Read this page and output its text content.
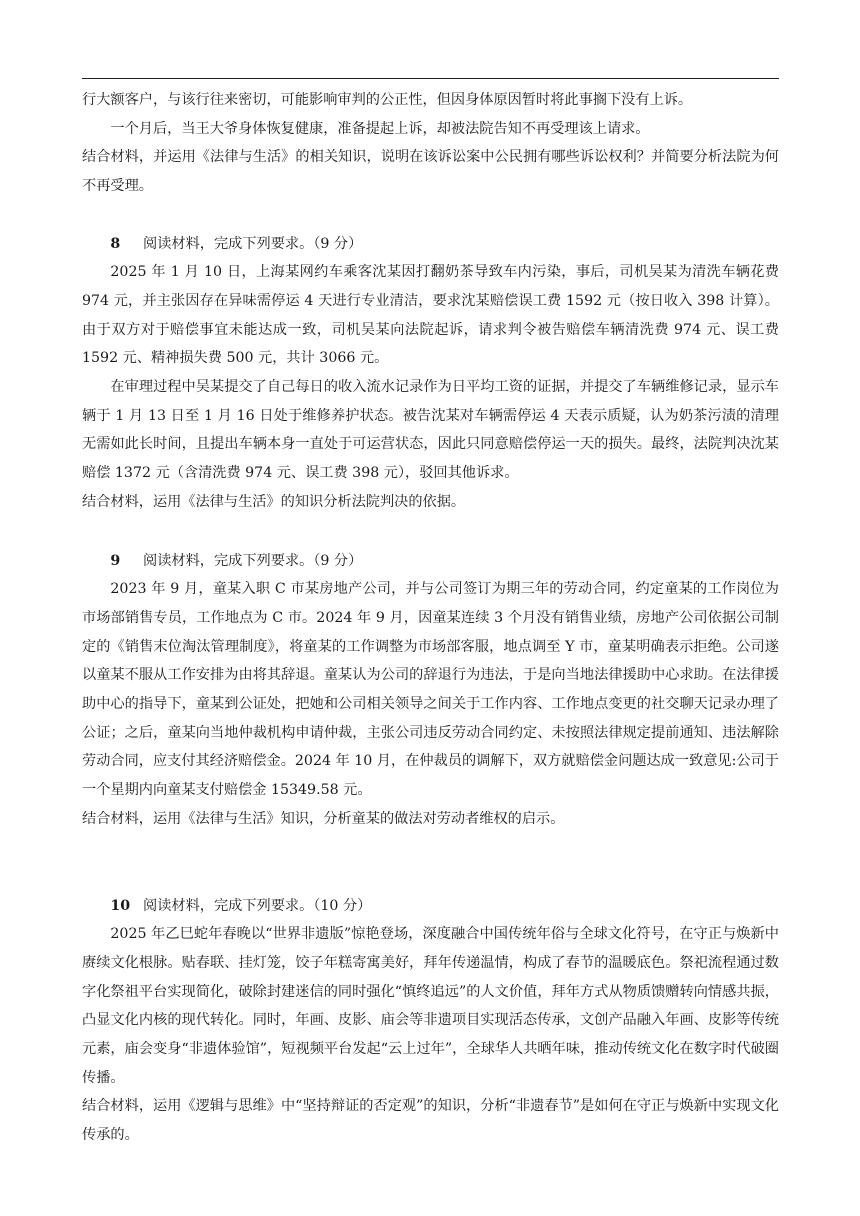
行大额客户，与该行往来密切，可能影响审判的公正性，但因身体原因暂时将此事搁下没有上诉。

一个月后，当王大爷身体恢复健康，准备提起上诉，却被法院告知不再受理该上请求。

结合材料，并运用《法律与生活》的相关知识，说明在该诉讼案中公民拥有哪些诉讼权利？并简要分析法院为何不再受理。

8 阅读材料，完成下列要求。（9 分）

2025 年 1 月 10 日，上海某网约车乘客沈某因打翻奶茶导致车内污染，事后，司机吴某为清洗车辆花费 974 元，并主张因存在异味需停运 4 天进行专业清洁，要求沈某赔偿误工费 1592 元（按日收入 398 计算）。由于双方对于赔偿事宜未能达成一致，司机吴某向法院起诉，请求判令被告赔偿车辆清洗费 974 元、误工费 1592 元、精神损失费 500 元，共计 3066 元。

在审理过程中吴某提交了自己每日的收入流水记录作为日平均工资的证据，并提交了车辆维修记录，显示车辆于 1 月 13 日至 1 月 16 日处于维修养护状态。被告沈某对车辆需停运 4 天表示质疑，认为奶茶污渍的清理无需如此长时间，且提出车辆本身一直处于可运营状态，因此只同意赔偿停运一天的损失。最终，法院判决沈某赔偿 1372 元（含清洗费 974 元、误工费 398 元），驳回其他诉求。

结合材料，运用《法律与生活》的知识分析法院判决的依据。

9 阅读材料，完成下列要求。（9 分）

2023 年 9 月，童某入职 C 市某房地产公司，并与公司签订为期三年的劳动合同，约定童某的工作岗位为市场部销售专员，工作地点为 C 市。2024 年 9 月，因童某连续 3 个月没有销售业绩，房地产公司依据公司制定的《销售末位淘汰管理制度》，将童某的工作调整为市场部客服，地点调至 Y 市，童某明确表示拒绝。公司遂以童某不服从工作安排为由将其辞退。童某认为公司的辞退行为违法，于是向当地法律援助中心求助。在法律援助中心的指导下，童某到公证处，把她和公司相关领导之间关于工作内容、工作地点变更的社交聊天记录办理了公证；之后，童某向当地仲裁机构申请仲裁，主张公司违反劳动合同约定、未按照法律规定提前通知、违法解除劳动合同，应支付其经济赔偿金。2024 年 10 月，在仲裁员的调解下，双方就赔偿金问题达成一致意见:公司于一个星期内向童某支付赔偿金 15349.58 元。

结合材料，运用《法律与生活》知识，分析童某的做法对劳动者维权的启示。

10 阅读材料，完成下列要求。（10 分）

2025 年乙巳蛇年春晚以“世界非遗版”惊艳登场，深度融合中国传统年俗与全球文化符号，在守正与焕新中赓续文化根脉。贴春联、挂灯笼，饺子年糕寄寓美好，拜年传递温情，构成了春节的温暖底色。祭祀流程通过数字化祭祖平台实现简化，破除封建迷信的同时强化“慎终追远”的人文价值，拜年方式从物质馈赠转向情感共振，凸显文化内核的现代转化。同时，年画、皮影、庙会等非遗项目实现活态传承，文创产品融入年画、皮影等传统元素，庙会变身“非遗体验馆”，短视频平台发起“云上过年”，全球华人共晒年味，推动传统文化在数字时代破圈传播。

结合材料，运用《逻辑与思维》中“坚持辩证的否定观”的知识，分析“非遗春节”是如何在守正与焕新中实现文化传承的。
